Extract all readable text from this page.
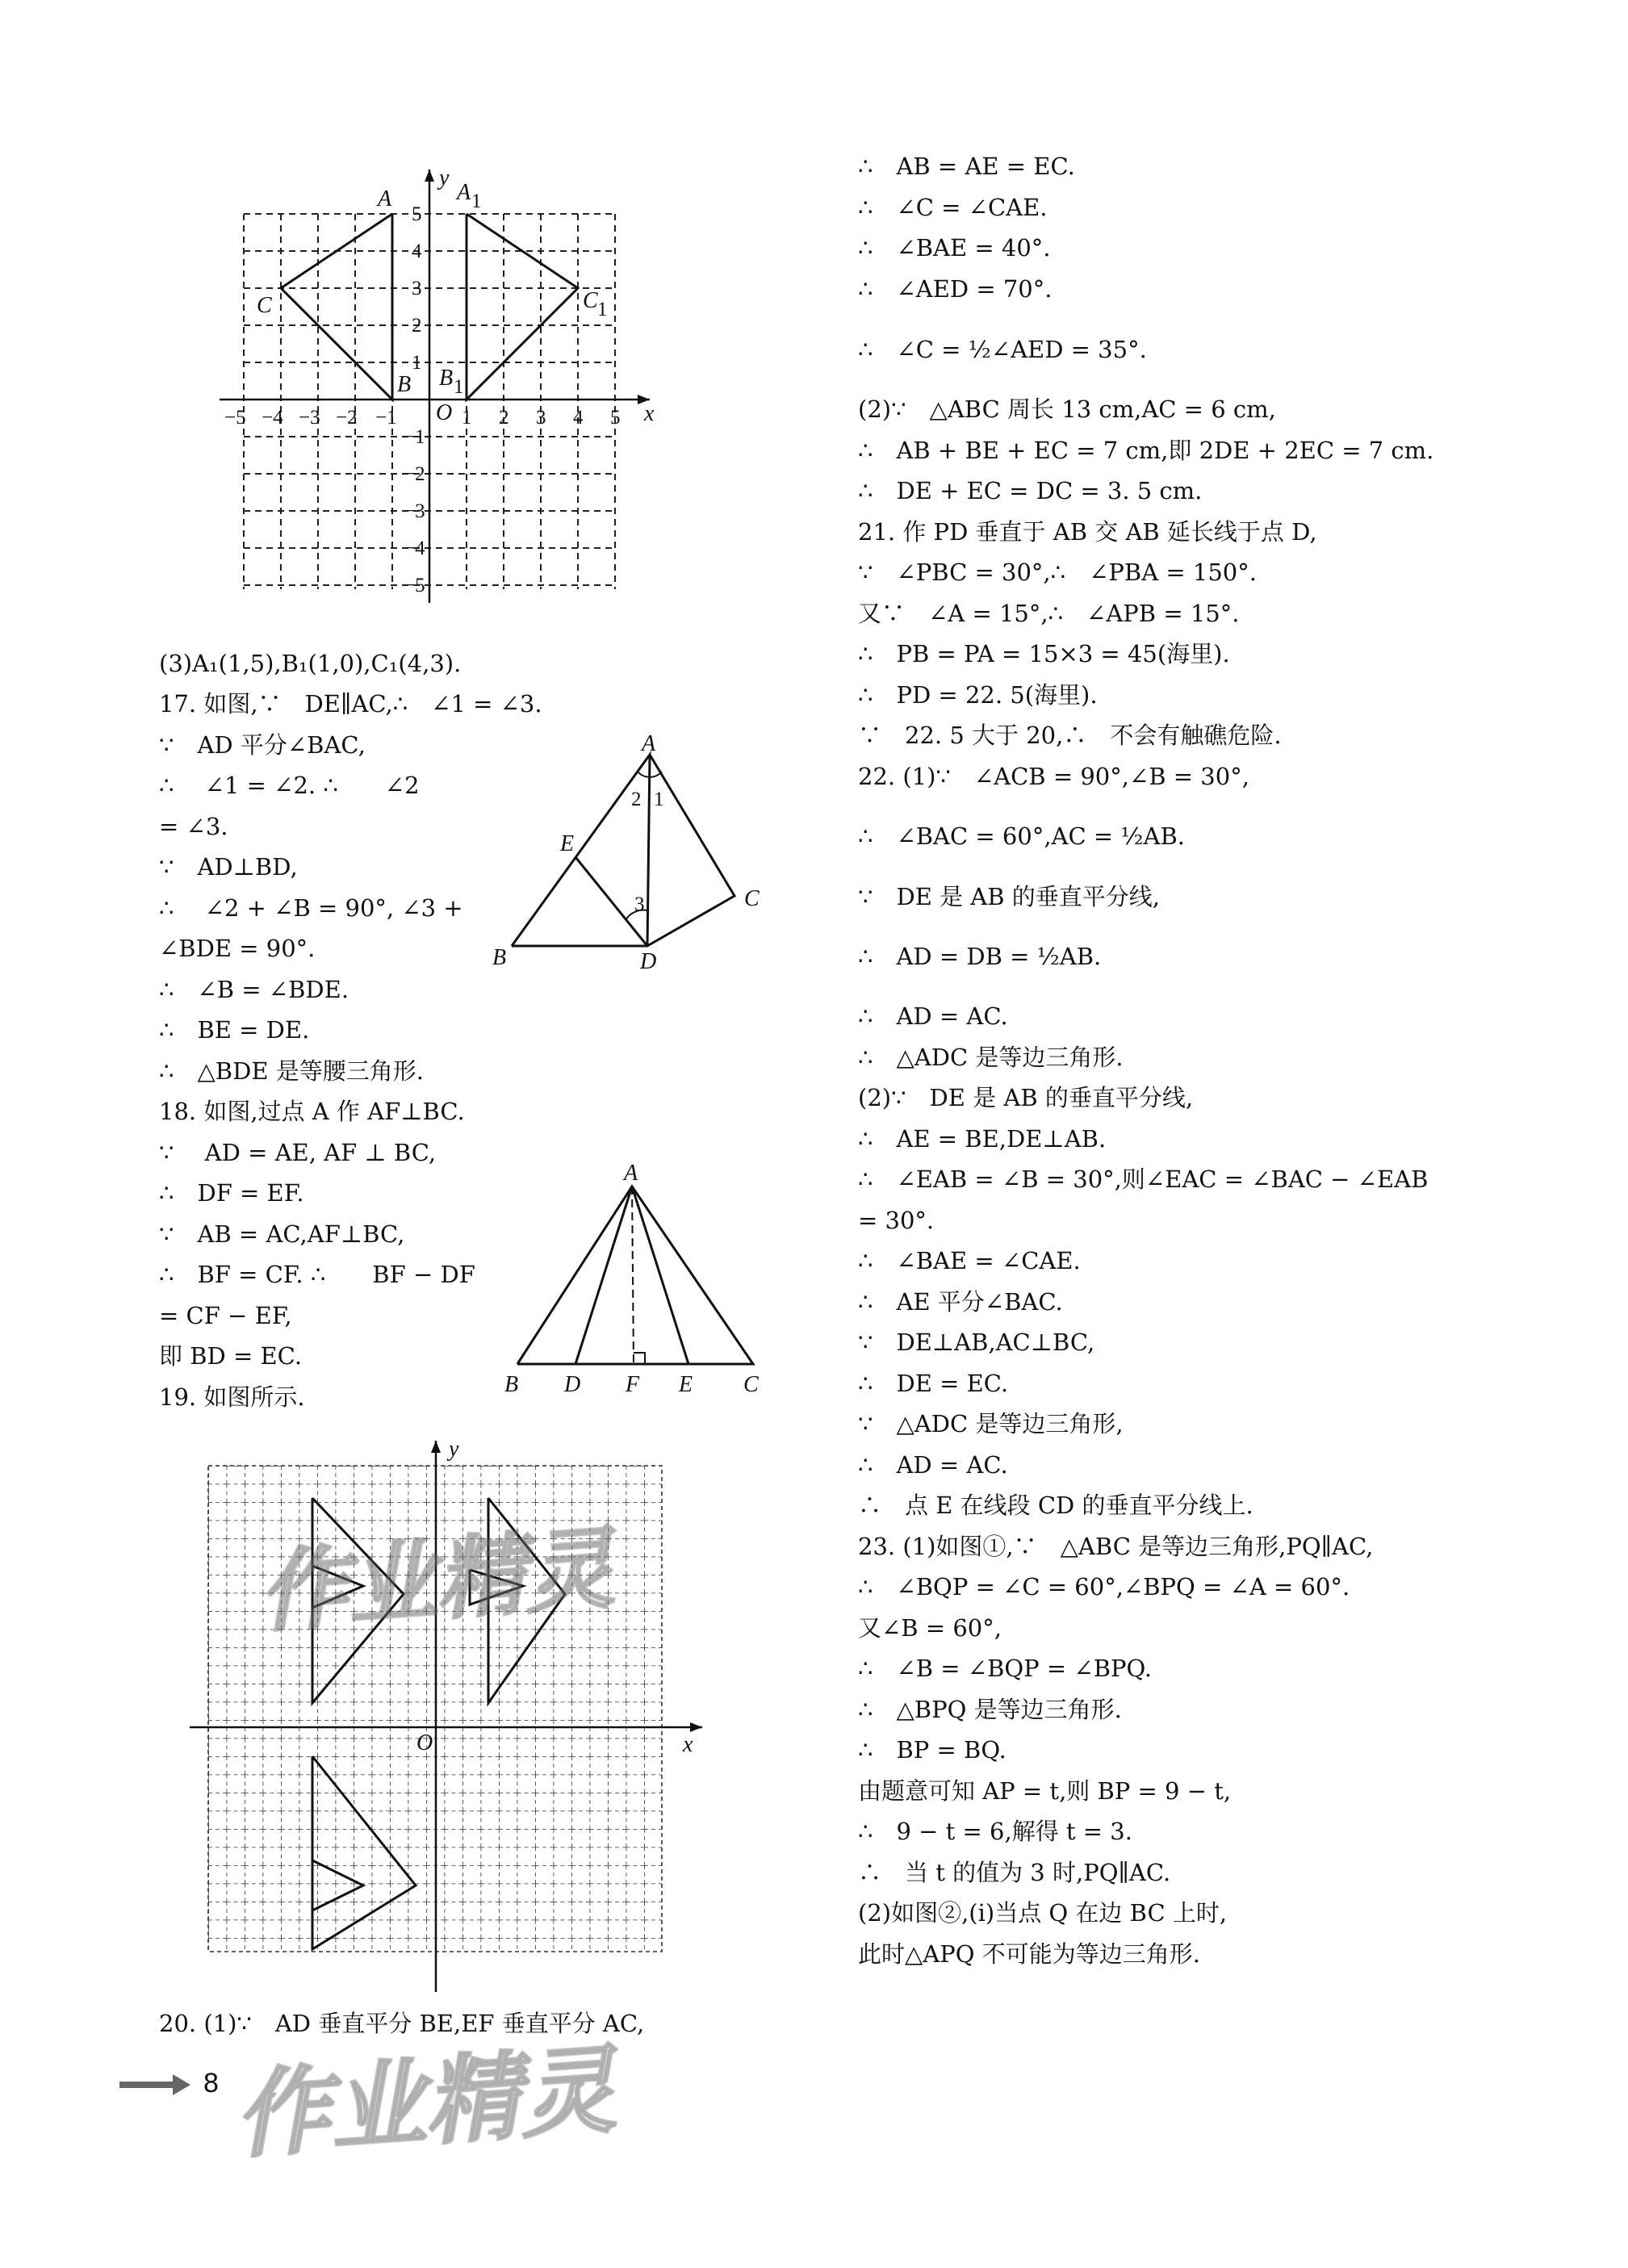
y
x
O
−5 −4 −3 −2 −1	1 2 3 4 5
5
4
3
2
1
−1
−2
−3
−4
−5
A
B
C
A 1
B 1
C 1
A
E
B	D
C
1
2
3
A
B D F E C
y
x
O
(3)A₁(1,5),B₁(1,0),C₁(4,3).
17. 如图,∵　DE∥AC,∴　∠1 = ∠3.
∵　AD 平分∠BAC,
∴　 ∠1 = ∠2. ∴　　∠2
= ∠3.
∵　AD⊥BD,
∴　 ∠2 + ∠B = 90°, ∠3 +
∠BDE = 90°.
∴　∠B = ∠BDE.
∴　BE = DE.
∴　△BDE 是等腰三角形.
18. 如图,过点 A 作 AF⊥BC.
∵　 AD = AE, AF ⊥ BC,
∴　DF = EF.
∵　AB = AC,AF⊥BC,
∴　BF = CF. ∴　　BF − DF
= CF − EF,
即 BD = EC.
19. 如图所示.
20. (1)∵　AD 垂直平分 BE,EF 垂直平分 AC,
∴　AB = AE = EC.
∴　∠C = ∠CAE.
∴　∠BAE = 40°.
∴　∠AED = 70°.
∴　∠C = ½∠AED = 35°.
(2)∵　△ABC 周长 13 cm,AC = 6 cm,
∴　AB + BE + EC = 7 cm,即 2DE + 2EC = 7 cm.
∴　DE + EC = DC = 3. 5 cm.
21. 作 PD 垂直于 AB 交 AB 延长线于点 D,
∵　∠PBC = 30°,∴　∠PBA = 150°.
又∵　∠A = 15°,∴　∠APB = 15°.
∴　PB = PA = 15×3 = 45(海里).
∴　PD = 22. 5(海里).
∵　22. 5 大于 20,∴　不会有触礁危险.
22. (1)∵　∠ACB = 90°,∠B = 30°,
∴　∠BAC = 60°,AC = ½AB.
∵　DE 是 AB 的垂直平分线,
∴　AD = DB = ½AB.
∴　AD = AC.
∴　△ADC 是等边三角形.
(2)∵　DE 是 AB 的垂直平分线,
∴　AE = BE,DE⊥AB.
∴　∠EAB = ∠B = 30°,则∠EAC = ∠BAC − ∠EAB
= 30°.
∴　∠BAE = ∠CAE.
∴　AE 平分∠BAC.
∵　DE⊥AB,AC⊥BC,
∴　DE = EC.
∵　△ADC 是等边三角形,
∴　AD = AC.
∴　点 E 在线段 CD 的垂直平分线上.
23. (1)如图①,∵　△ABC 是等边三角形,PQ∥AC,
∴　∠BQP = ∠C = 60°,∠BPQ = ∠A = 60°.
又∠B = 60°,
∴　∠B = ∠BQP = ∠BPQ.
∴　△BPQ 是等边三角形.
∴　BP = BQ.
由题意可知 AP = t,则 BP = 9 − t,
∴　9 − t = 6,解得 t = 3.
∴　当 t 的值为 3 时,PQ∥AC.
(2)如图②,(i)当点 Q 在边 BC 上时,
此时△APQ 不可能为等边三角形.
作业精灵
作业精灵
8
